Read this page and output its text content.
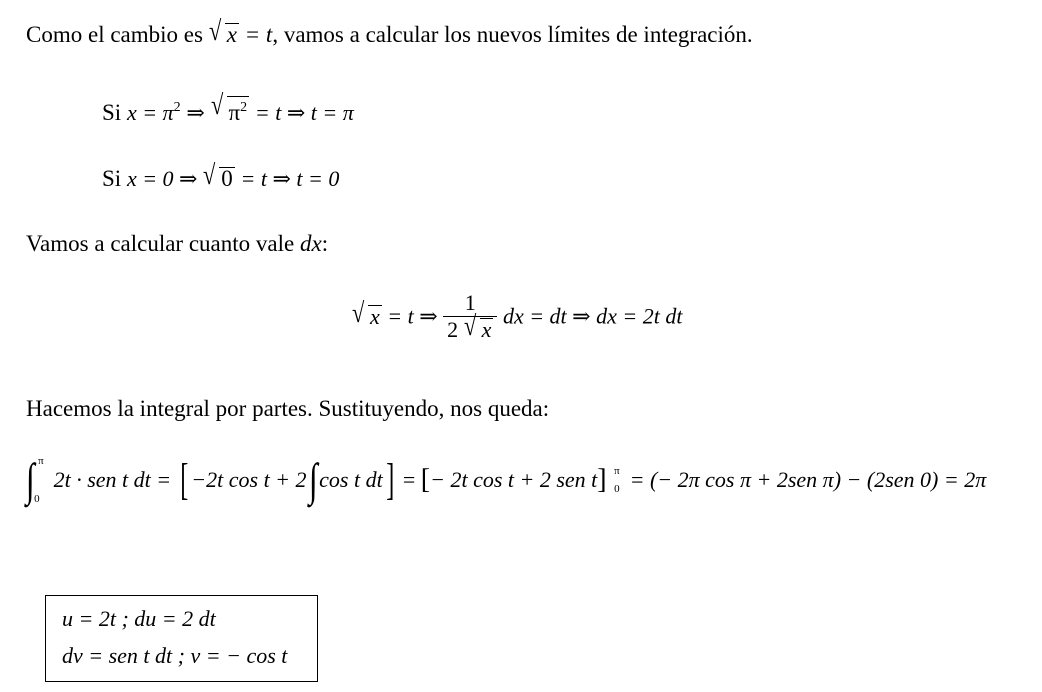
Como el cambio es √ x = t, vamos a calcular los nuevos límites de integración.
Si $x = \pi^2$ ⇒ √ $\pi^2 = t$ ⇒ t = π
Si x = 0 ⇒ √ 0 = t ⇒ t = 0
Vamos a calcular cuanto vale dx:
√ x = t ⇒ $\frac{1}{2 √ x}$ dx = dt ⇒ dx = 2t dt
Hacemos la integral por partes. Sustituyendo, nos queda:
∫ π
0
2t · sen t dt = [ −2t cos t + 2∫cos t dt] = [− 2t cos t + 2 sen t] π
0 = (− 2π cos π + 2sen π) − (2sen 0) = 2π
u = 2t ; du = 2 dt
dv = sen t dt ; v = − cos t
